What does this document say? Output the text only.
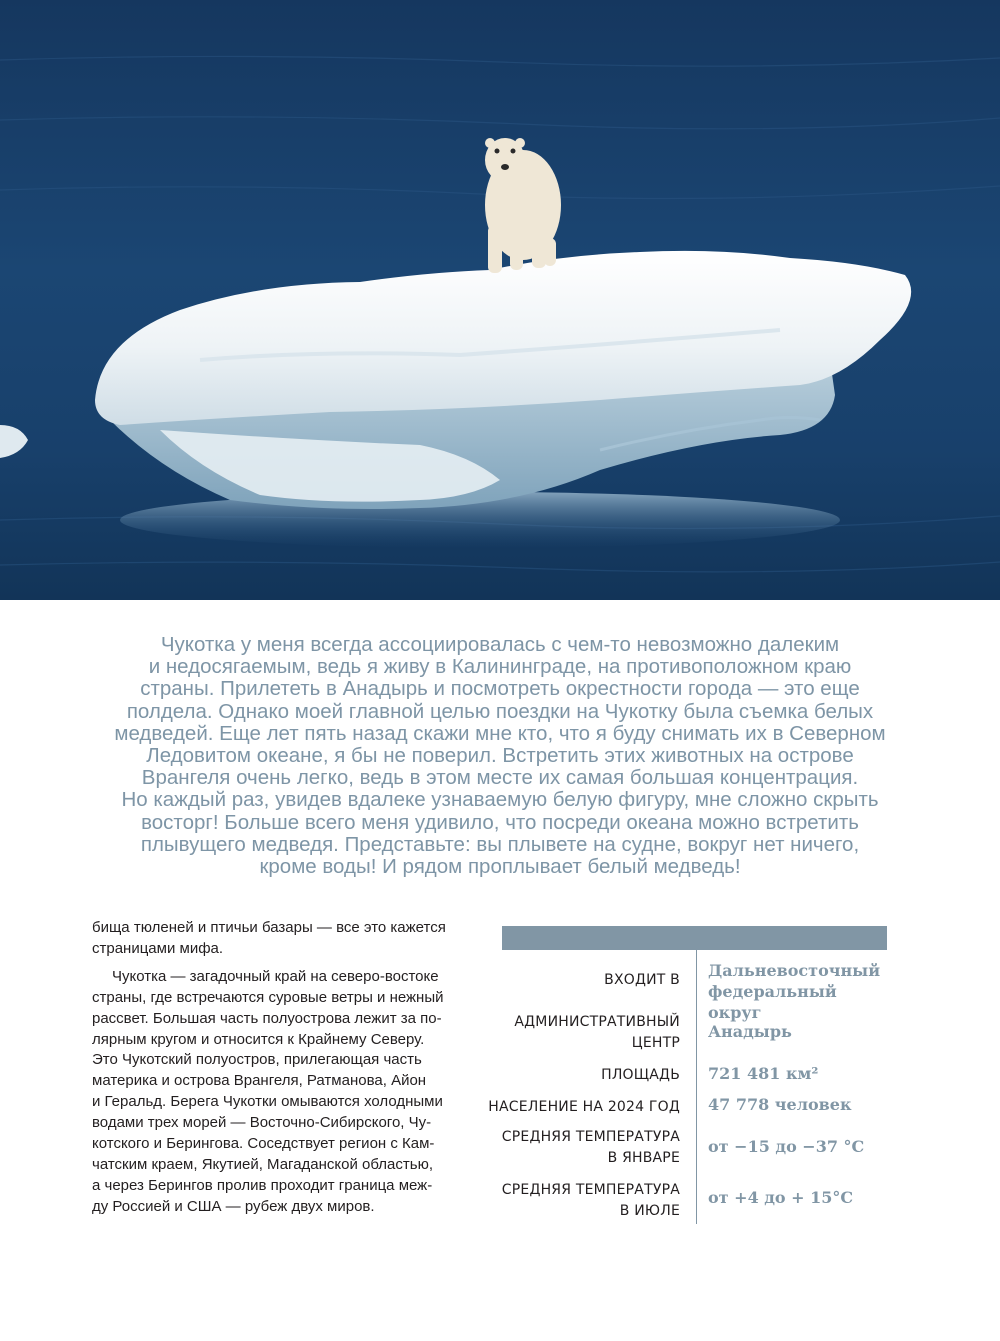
Чукотка у меня всегда ассоциировалась с чем-то невозможно далеким
и недосягаемым, ведь я живу в Калининграде, на противоположном краю
страны. Прилететь в Анадырь и посмотреть окрестности города — это еще
полдела. Однако моей главной целью поездки на Чукотку была съемка белых
медведей. Еще лет пять назад скажи мне кто, что я буду снимать их в Северном
Ледовитом океане, я бы не поверил. Встретить этих животных на острове
Врангеля очень легко, ведь в этом месте их самая большая концентрация.
Но каждый раз, увидев вдалеке узнаваемую белую фигуру, мне сложно скрыть
восторг! Больше всего меня удивило, что посреди океана можно встретить
плывущего медведя. Представьте: вы плывете на судне, вокруг нет ничего,
кроме воды! И рядом проплывает белый медведь!
бища тюленей и птичьи базары — все это кажется
страницами мифа.
Чукотка — загадочный край на северо-востоке
страны, где встречаются суровые ветры и нежный
рассвет. Большая часть полуострова лежит за по-
лярным кругом и относится к Крайнему Северу.
Это Чукотский полуостров, прилегающая часть
материка и острова Врангеля, Ратманова, Айон
и Геральд. Берега Чукотки омываются холодными
водами трех морей — Восточно-Сибирского, Чу-
котского и Берингова. Соседствует регион с Кам-
чатским краем, Якутией, Магаданской областью,
а через Берингов пролив проходит граница меж-
ду Россией и США — рубеж двух миров.
ВХОДИТ В Дальневосточный
федеральный округ
АДМИНИСТРАТИВНЫЙ
ЦЕНТР
Анадырь
ПЛОЩАДЬ 721 481 км²
НАСЕЛЕНИЕ НА 2024 ГОД 47 778 человек
СРЕДНЯЯ ТЕМПЕРАТУРА
В ЯНВАРЕ
от −15 до −37 °С
СРЕДНЯЯ ТЕМПЕРАТУРА
В ИЮЛЕ
от +4 до + 15°С
